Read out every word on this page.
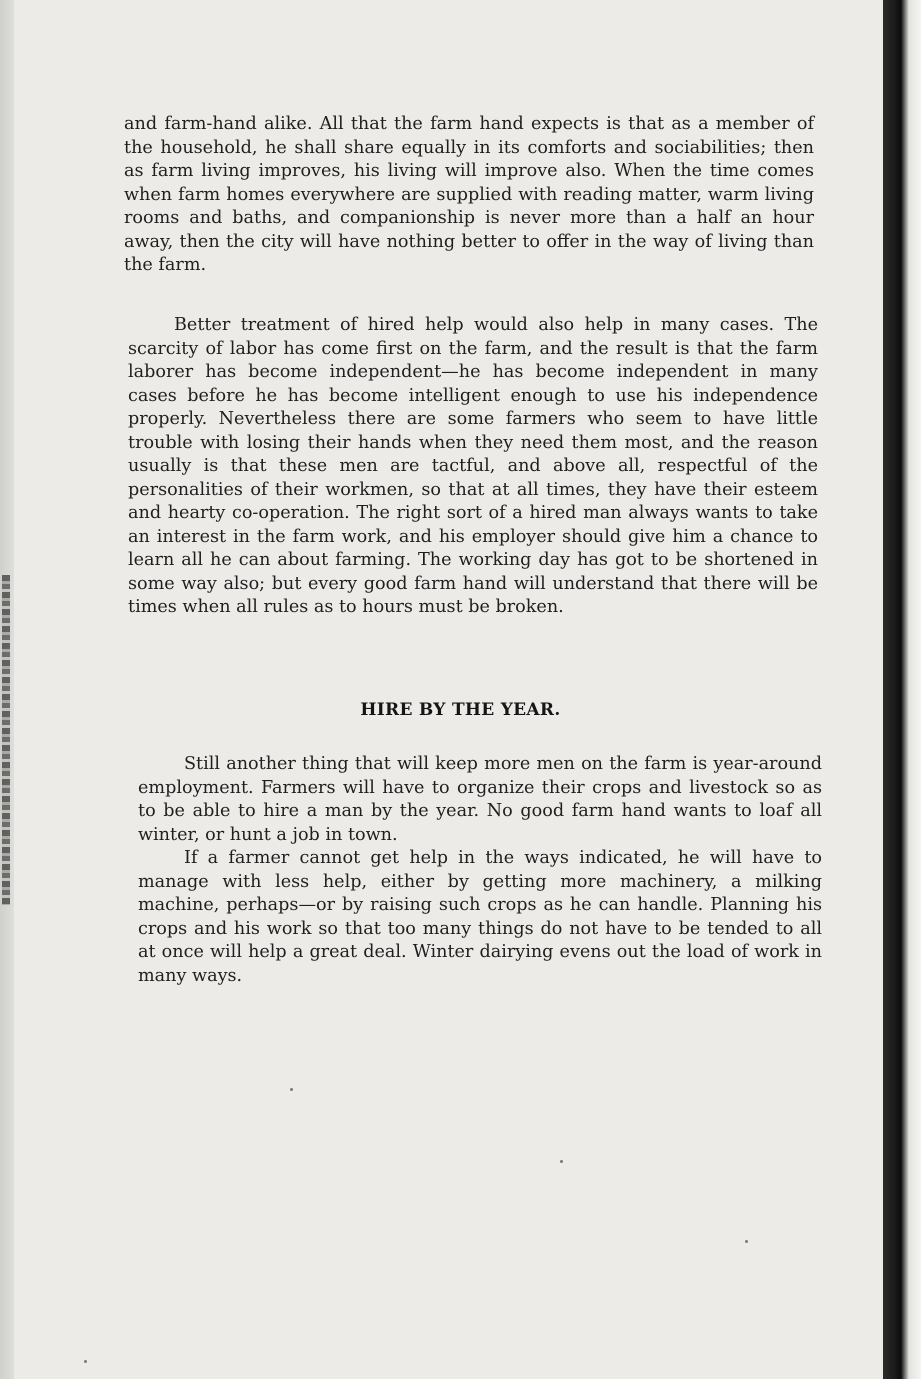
and farm-hand alike. All that the farm hand expects is that as a member of the household, he shall share equally in its comforts and sociabilities; then as farm living improves, his living will improve also. When the time comes when farm homes everywhere are supplied with reading matter, warm living rooms and baths, and companionship is never more than a half an hour away, then the city will have nothing better to offer in the way of living than the farm.

Better treatment of hired help would also help in many cases. The scarcity of labor has come first on the farm, and the result is that the farm laborer has become independent—he has become independent in many cases before he has become intelligent enough to use his independence properly. Nevertheless there are some farmers who seem to have little trouble with losing their hands when they need them most, and the reason usually is that these men are tactful, and above all, respectful of the personalities of their workmen, so that at all times, they have their esteem and hearty co-operation. The right sort of a hired man always wants to take an interest in the farm work, and his employer should give him a chance to learn all he can about farming. The working day has got to be shortened in some way also; but every good farm hand will understand that there will be times when all rules as to hours must be broken.

HIRE BY THE YEAR.

Still another thing that will keep more men on the farm is year-around employment. Farmers will have to organize their crops and livestock so as to be able to hire a man by the year. No good farm hand wants to loaf all winter, or hunt a job in town.

If a farmer cannot get help in the ways indicated, he will have to manage with less help, either by getting more machinery, a milking machine, perhaps—or by raising such crops as he can handle. Planning his crops and his work so that too many things do not have to be tended to all at once will help a great deal. Winter dairying evens out the load of work in many ways.
